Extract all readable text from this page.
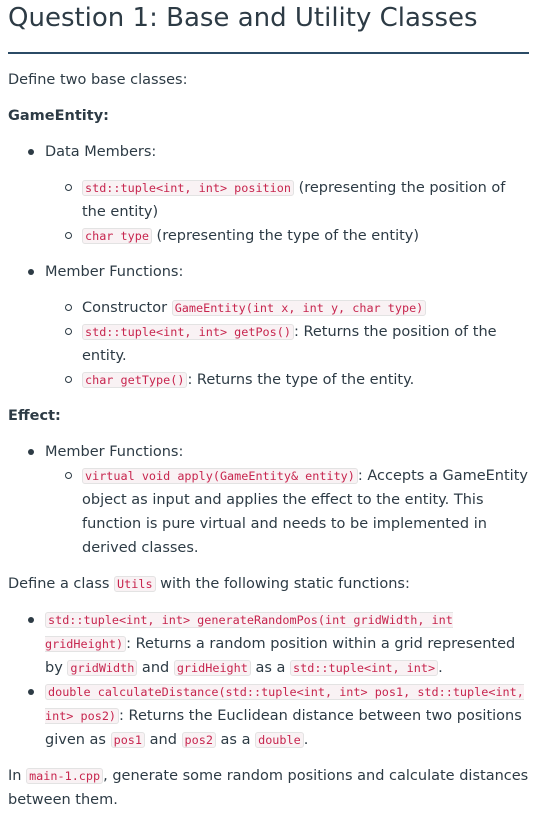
Question 1: Base and Utility Classes

Define two base classes:

GameEntity:

Data Members:
std::tuple<int, int> position (representing the position of the entity)
char type (representing the type of the entity)
Member Functions:
Constructor GameEntity(int x, int y, char type)
std::tuple<int, int> getPos() : Returns the position of the entity.
char getType() : Returns the type of the entity.

Effect:

Member Functions:
virtual void apply(GameEntity& entity) : Accepts a GameEntity object as input and applies the effect to the entity. This function is pure virtual and needs to be implemented in derived classes.

Define a class Utils with the following static functions:

std::tuple<int, int> generateRandomPos(int gridWidth, int gridHeight) : Returns a random position within a grid represented by gridWidth and gridHeight as a std::tuple<int, int> .
double calculateDistance(std::tuple<int, int> pos1, std::tuple<int, int> pos2) : Returns the Euclidean distance between two positions given as pos1 and pos2 as a double .

In main-1.cpp , generate some random positions and calculate distances between them.
